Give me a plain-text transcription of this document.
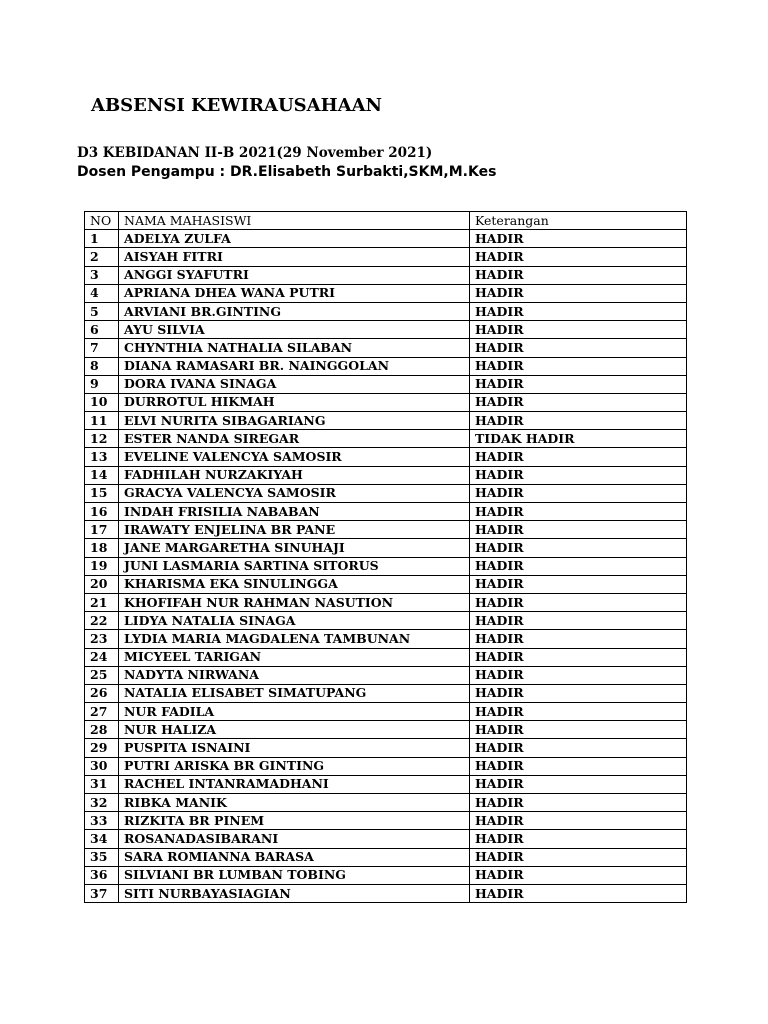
ABSENSI KEWIRAUSAHAAN
D3 KEBIDANAN II-B 2021(29 November 2021)
Dosen Pengampu : DR.Elisabeth Surbakti,SKM,M.Kes
NO	NAMA MAHASISWI	Keterangan
1	ADELYA ZULFA	HADIR
2	AISYAH FITRI	HADIR
3	ANGGI SYAFUTRI	HADIR
4	APRIANA DHEA WANA PUTRI	HADIR
5	ARVIANI BR.GINTING	HADIR
6	AYU SILVIA	HADIR
7	CHYNTHIA NATHALIA SILABAN	HADIR
8	DIANA RAMASARI BR. NAINGGOLAN	HADIR
9	DORA IVANA SINAGA	HADIR
10	DURROTUL HIKMAH	HADIR
11	ELVI NURITA SIBAGARIANG	HADIR
12	ESTER NANDA SIREGAR	TIDAK HADIR
13	EVELINE VALENCYA SAMOSIR	HADIR
14	FADHILAH NURZAKIYAH	HADIR
15	GRACYA VALENCYA SAMOSIR	HADIR
16	INDAH FRISILIA NABABAN	HADIR
17	IRAWATY ENJELINA BR PANE	HADIR
18	JANE MARGARETHA SINUHAJI	HADIR
19	JUNI LASMARIA SARTINA SITORUS	HADIR
20	KHARISMA EKA SINULINGGA	HADIR
21	KHOFIFAH NUR RAHMAN NASUTION	HADIR
22	LIDYA NATALIA SINAGA	HADIR
23	LYDIA MARIA MAGDALENA TAMBUNAN	HADIR
24	MICYEEL TARIGAN	HADIR
25	NADYTA NIRWANA	HADIR
26	NATALIA ELISABET SIMATUPANG	HADIR
27	NUR FADILA	HADIR
28	NUR HALIZA	HADIR
29	PUSPITA ISNAINI	HADIR
30	PUTRI ARISKA BR GINTING	HADIR
31	RACHEL INTANRAMADHANI	HADIR
32	RIBKA MANIK	HADIR
33	RIZKITA BR PINEM	HADIR
34	ROSANADASIBARANI	HADIR
35	SARA ROMIANNA BARASA	HADIR
36	SILVIANI BR LUMBAN TOBING	HADIR
37	SITI NURBAYASIAGIAN	HADIR
